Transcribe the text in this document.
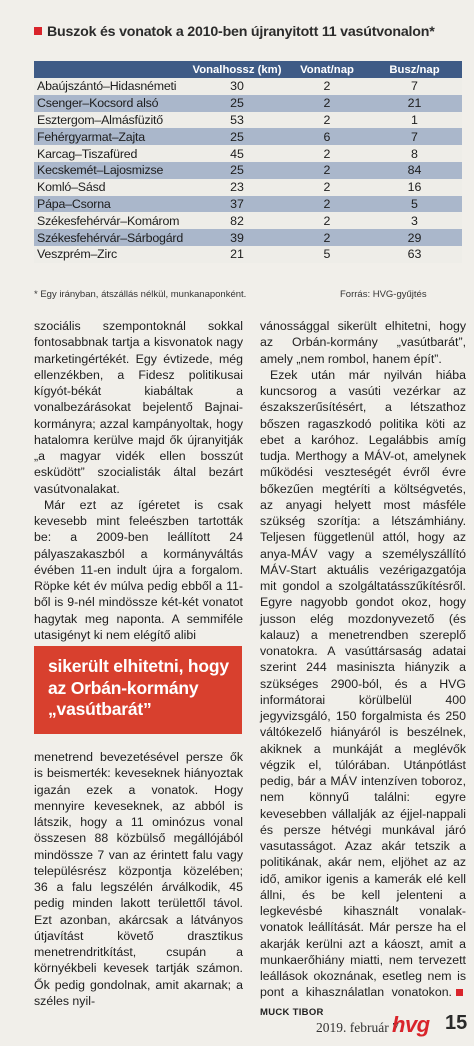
Buszok és vonatok a 2010-ben újranyitott 11 vasútvonalon*
	Vonalhossz (km)	Vonat/nap	Busz/nap
Abaújszántó–Hidasnémeti	30	2	7
Csenger–Kocsord alsó	25	2	21
Esztergom–Almásfüzitő	53	2	1
Fehérgyarmat–Zajta	25	6	7
Karcag–Tiszafüred	45	2	8
Kecskemét–Lajosmizse	25	2	84
Komló–Sásd	23	2	16
Pápa–Csorna	37	2	5
Székesfehérvár–Komárom	82	2	3
Székesfehérvár–Sárbogárd	39	2	29
Veszprém–Zirc	21	5	63
* Egy irányban, átszállás nélkül, munkanaponként.	Forrás: HVG-gyűjtés

szociális szempontoknál sokkal fontosabbnak tartja a kisvonatok nagy marketingértékét. Egy évtizede, még ellenzékben, a Fidesz politikusai kígyót-békát kiabáltak a vonalbezárásokat bejelentő Bajnai-kormányra; azzal kampányoltak, hogy hatalomra kerülve majd ők újranyitják „a magyar vidék ellen bosszút esküdött” szocialisták által bezárt vasútvonalakat.

Már ezt az ígéretet is csak kevesebb mint feleészben tartották be: a 2009-ben leállított 24 pályaszakaszból a kormányváltás évében 11-en indult újra a forgalom. Röpke két év múlva pedig ebből a 11-ből is 9-nél mindössze két-két vonatot hagytak meg naponta. A semmiféle utasigényt ki nem elégítő alibi

sikerült elhitetni, hogy az Orbán-kormány „vasútbarát”

menetrend bevezetésével persze ők is beismerték: keveseknek hiányoztak igazán ezek a vonatok. Hogy mennyire keveseknek, az abból is látszik, hogy a 11 ominózus vonal összesen 88 közbülső megállójából mindössze 7 van az érintett falu vagy településrész központja közelében; 36 a falu legszélén árválkodik, 45 pedig minden lakott területtől távol. Ezt azonban, akárcsak a látványos útjavítást követő drasztikus menetrendritkítást, csupán a környékbeli kevesek tartják számon. Ők pedig gondolnak, amit akarnak; a széles nyil-

vánossággal sikerült elhitetni, hogy az Orbán-kormány „vasútbarát”, amely „nem rombol, hanem épít”.

Ezek után már nyilván hiába kuncsorog a vasúti vezérkar az északszerűsítésért, a létszathoz bőszen ragaszkodó politika köti az ebet a karóhoz. Legalábbis amíg tudja. Merthogy a MÁV-ot, amelynek működési veszteségét évről évre bőkezűen megtéríti a költségvetés, az anyagi helyett most másféle szükség szorítja: a létszámhiány. Teljesen függetlenül attól, hogy az anya-MÁV vagy a személyszállító MÁV-Start aktuális vezérigazgatója mit gondol a szolgáltatásszűkítésről. Egyre nagyobb gondot okoz, hogy jusson elég mozdonyvezető (és kalauz) a menetrendben szereplő vonatokra. A vasúttársaság adatai szerint 244 masiniszta hiányzik a szükséges 2900-ból, és a HVG informátorai körülbelül 400 jegyvizsgáló, 150 forgalmista és 250 váltókezelő hiányáról is beszélnek, akiknek a munkáját a meglévők végzik el, túlórában. Utánpótlást pedig, bár a MÁV intenzíven toboroz, nem könnyű találni: egyre kevesebben vállalják az éjjel-nappali és persze hétvégi munkával járó vasutasságot. Azaz akár tetszik a politikának, akár nem, eljöhet az az idő, amikor igenis a kamerák elé kell állni, és be kell jelenteni a legkevésbé kihasznált vonalak-vonatok leállítását. Már persze ha el akarják kerülni azt a káoszt, amit a munkaerőhiány miatti, nem tervezett leállások okoznának, esetleg nem is pont a kihasználatlan vonatokon.MUCK TIBOR

2019. február 7.
hvg 15
